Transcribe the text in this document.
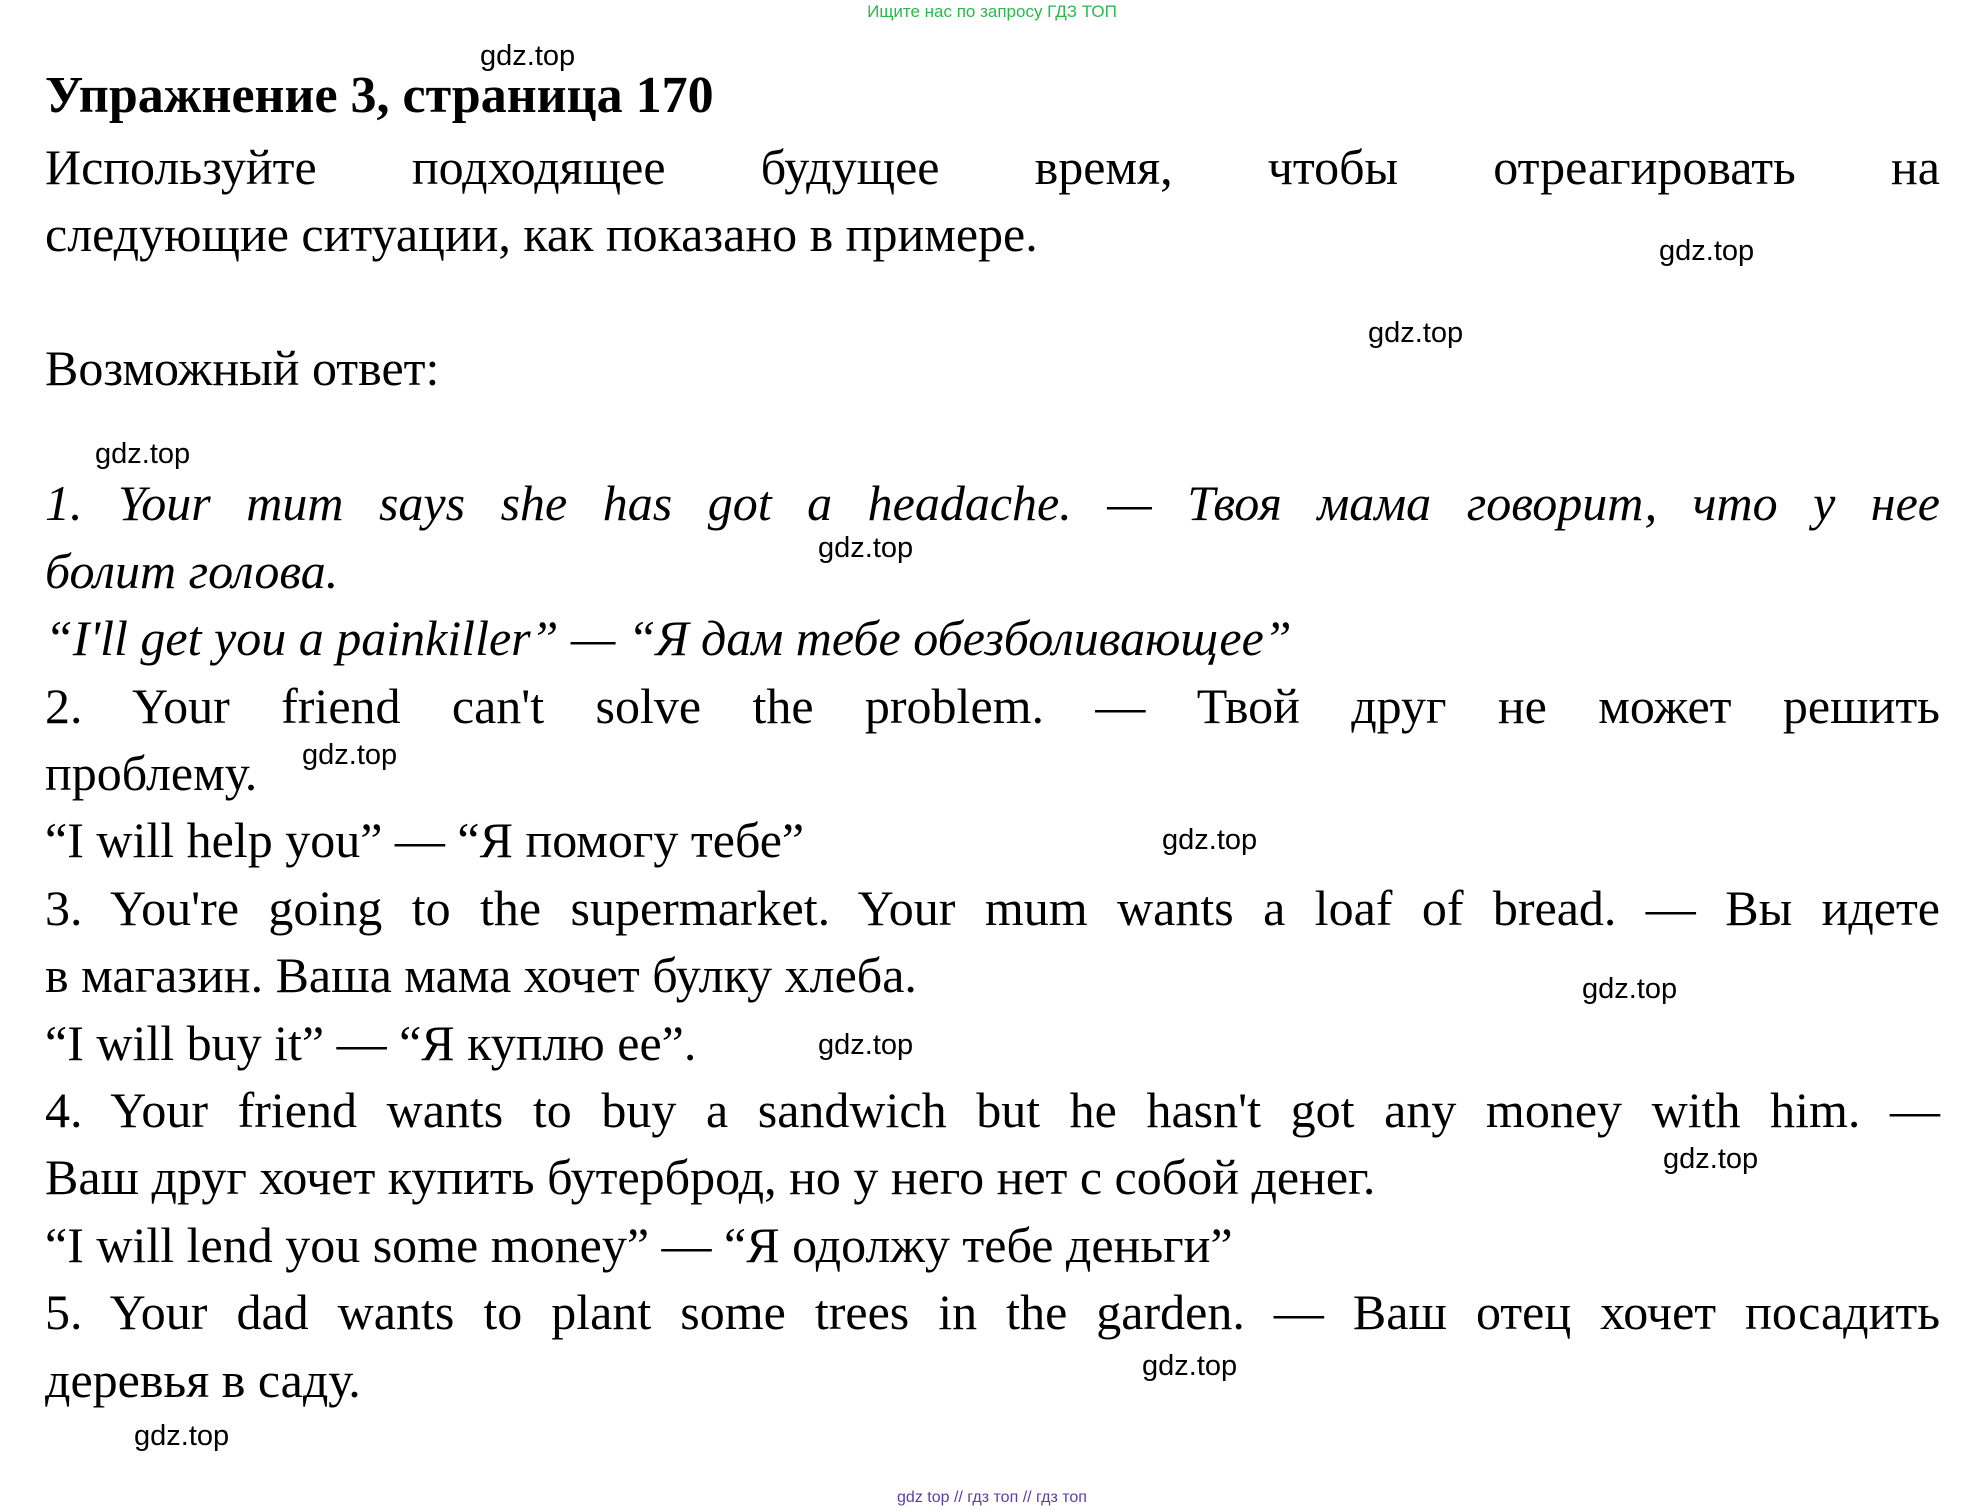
Ищите нас по запросу ГДЗ ТОП
gdz.top
gdz.top
gdz.top
gdz.top
gdz.top
gdz.top
gdz.top
gdz.top
gdz.top
gdz.top
gdz.top
gdz.top
Упражнение 3, страница 170
Используйте подходящее будущее время, чтобы отреагировать на
следующие ситуации, как показано в примере.
Возможный ответ:
1. Your mum says she has got a headache. — Твоя мама говорит, что у нее
болит голова.
“I'll get you a painkiller” — “Я дам тебе обезболивающее”
2. Your friend can't solve the problem. — Твой друг не может решить
проблему.
“I will help you” — “Я помогу тебе”
3. You're going to the supermarket. Your mum wants a loaf of bread. — Вы идете
в магазин. Ваша мама хочет булку хлеба.
“I will buy it” — “Я куплю ее”.
4. Your friend wants to buy a sandwich but he hasn't got any money with him. —
Ваш друг хочет купить бутерброд, но у него нет с собой денег.
“I will lend you some money” — “Я одолжу тебе деньги”
5. Your dad wants to plant some trees in the garden. — Ваш отец хочет посадить
деревья в саду.
gdz top // гдз топ // гдз топ
